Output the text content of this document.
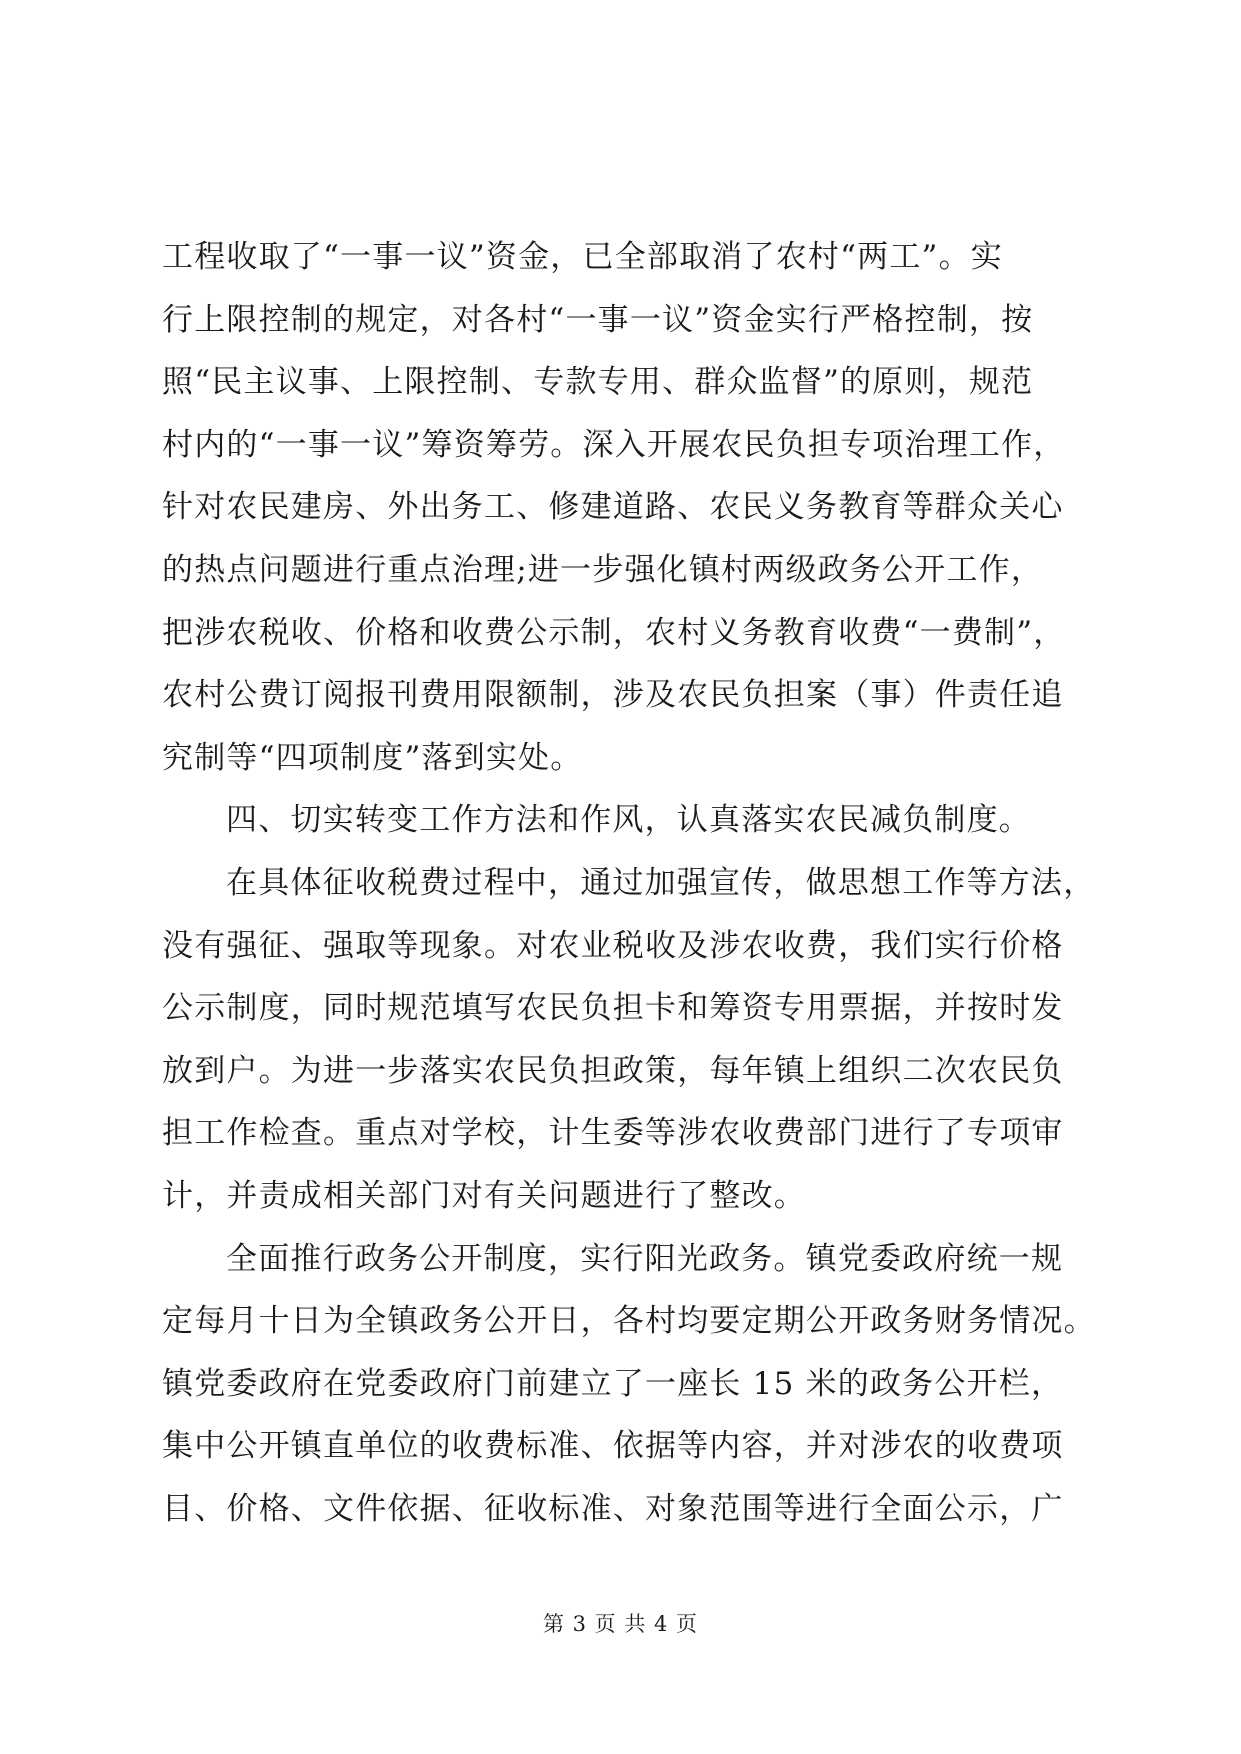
工程收取了“一事一议”资金，已全部取消了农村“两工”。实
行上限控制的规定，对各村“一事一议”资金实行严格控制，按
照“民主议事、上限控制、专款专用、群众监督”的原则，规范
村内的“一事一议”筹资筹劳。深入开展农民负担专项治理工作，
针对农民建房、外出务工、修建道路、农民义务教育等群众关心
的热点问题进行重点治理;进一步强化镇村两级政务公开工作，
把涉农税收、价格和收费公示制，农村义务教育收费“一费制”，
农村公费订阅报刊费用限额制，涉及农民负担案（事）件责任追
究制等“四项制度”落到实处。
四、切实转变工作方法和作风，认真落实农民减负制度。
在具体征收税费过程中，通过加强宣传，做思想工作等方法，
没有强征、强取等现象。对农业税收及涉农收费，我们实行价格
公示制度，同时规范填写农民负担卡和筹资专用票据，并按时发
放到户。为进一步落实农民负担政策，每年镇上组织二次农民负
担工作检查。重点对学校，计生委等涉农收费部门进行了专项审
计，并责成相关部门对有关问题进行了整改。
全面推行政务公开制度，实行阳光政务。镇党委政府统一规
定每月十日为全镇政务公开日，各村均要定期公开政务财务情况。
镇党委政府在党委政府门前建立了一座长 15 米的政务公开栏，
集中公开镇直单位的收费标准、依据等内容，并对涉农的收费项
目、价格、文件依据、征收标准、对象范围等进行全面公示，广
第 3 页 共 4 页
